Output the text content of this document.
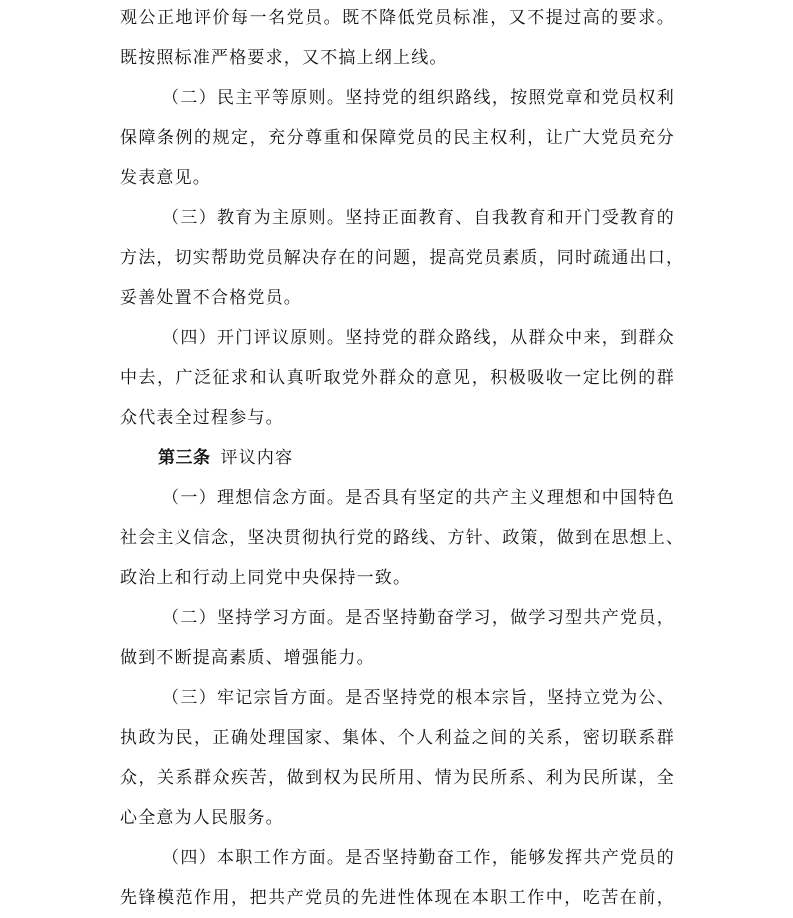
观公正地评价每一名党员。既不降低党员标准，又不提过高的要求。
既按照标准严格要求，又不搞上纲上线。
（二）民主平等原则。坚持党的组织路线，按照党章和党员权利
保障条例的规定，充分尊重和保障党员的民主权利，让广大党员充分
发表意见。
（三）教育为主原则。坚持正面教育、自我教育和开门受教育的
方法，切实帮助党员解决存在的问题，提高党员素质，同时疏通出口，
妥善处置不合格党员。
（四）开门评议原则。坚持党的群众路线，从群众中来，到群众
中去，广泛征求和认真听取党外群众的意见，积极吸收一定比例的群
众代表全过程参与。
第三条 评议内容
（一）理想信念方面。是否具有坚定的共产主义理想和中国特色
社会主义信念，坚决贯彻执行党的路线、方针、政策，做到在思想上、
政治上和行动上同党中央保持一致。
（二）坚持学习方面。是否坚持勤奋学习，做学习型共产党员，
做到不断提高素质、增强能力。
（三）牢记宗旨方面。是否坚持党的根本宗旨，坚持立党为公、
执政为民，正确处理国家、集体、个人利益之间的关系，密切联系群
众，关系群众疾苦，做到权为民所用、情为民所系、利为民所谋，全
心全意为人民服务。
（四）本职工作方面。是否坚持勤奋工作，能够发挥共产党员的
先锋模范作用，把共产党员的先进性体现在本职工作中，吃苦在前，
